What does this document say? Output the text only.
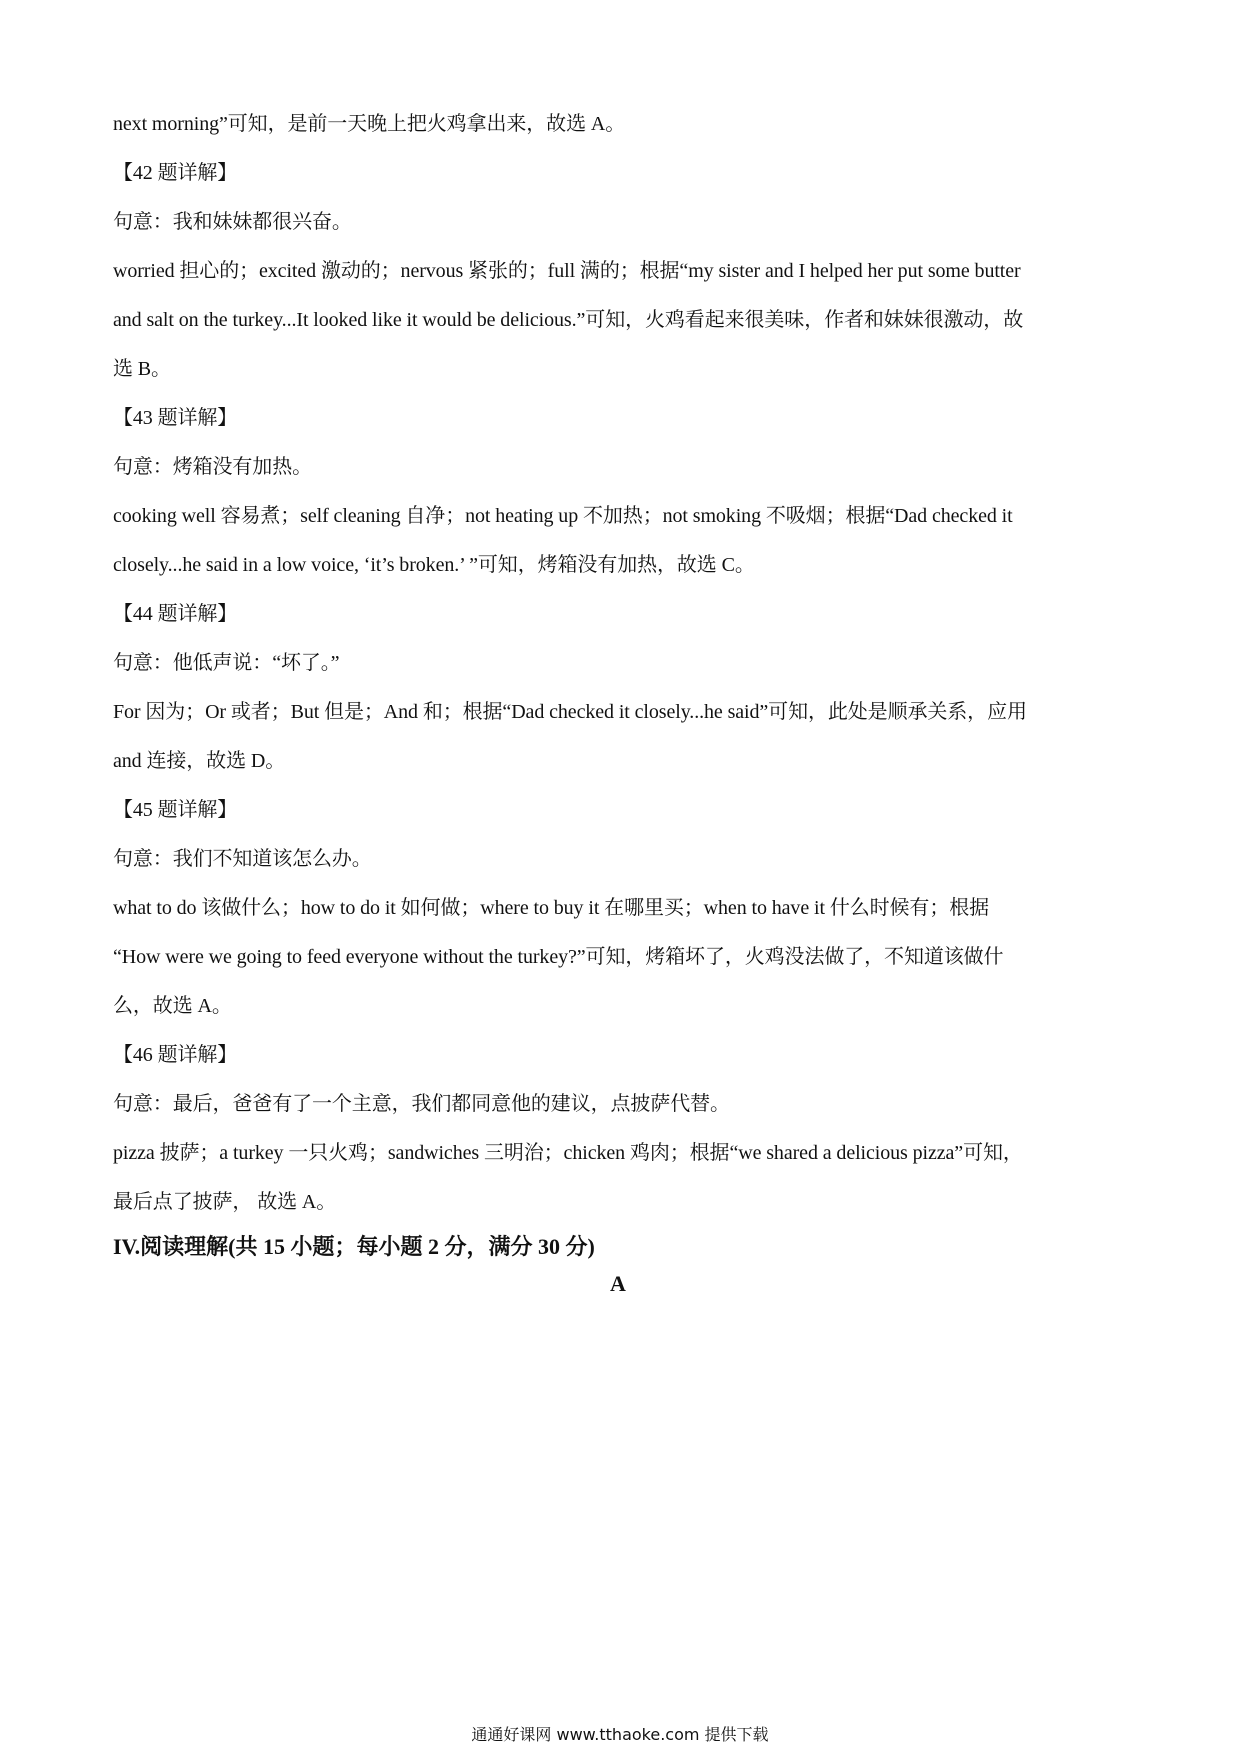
next morning”可知，是前一天晚上把火鸡拿出来，故选 A。
【42 题详解】
句意：我和妹妹都很兴奋。
worried 担心的；excited 激动的；nervous 紧张的；full 满的；根据“my sister and I helped her put some butter
and salt on the turkey...It looked like it would be delicious.”可知，火鸡看起来很美味，作者和妹妹很激动，故
选 B。
【43 题详解】
句意：烤箱没有加热。
cooking well 容易煮；self cleaning 自净；not heating up 不加热；not smoking 不吸烟；根据“Dad checked it
closely...he said in a low voice, ‘it’s broken.’ ”可知，烤箱没有加热，故选 C。
【44 题详解】
句意：他低声说：“坏了。”
For 因为；Or 或者；But 但是；And 和；根据“Dad checked it closely...he said”可知，此处是顺承关系，应用
and 连接，故选 D。
【45 题详解】
句意：我们不知道该怎么办。
what to do 该做什么；how to do it 如何做；where to buy it 在哪里买；when to have it 什么时候有；根据
“How were we going to feed everyone without the turkey?”可知，烤箱坏了，火鸡没法做了，不知道该做什
么，故选 A。
【46 题详解】
句意：最后，爸爸有了一个主意，我们都同意他的建议，点披萨代替。
pizza 披萨；a turkey 一只火鸡；sandwiches 三明治；chicken 鸡肉；根据“we shared a delicious pizza”可知，
最后点了披萨， 故选 A。
IV.阅读理解(共 15 小题；每小题 2 分，满分 30 分)
A
通通好课网 www.tthaoke.com 提供下载
